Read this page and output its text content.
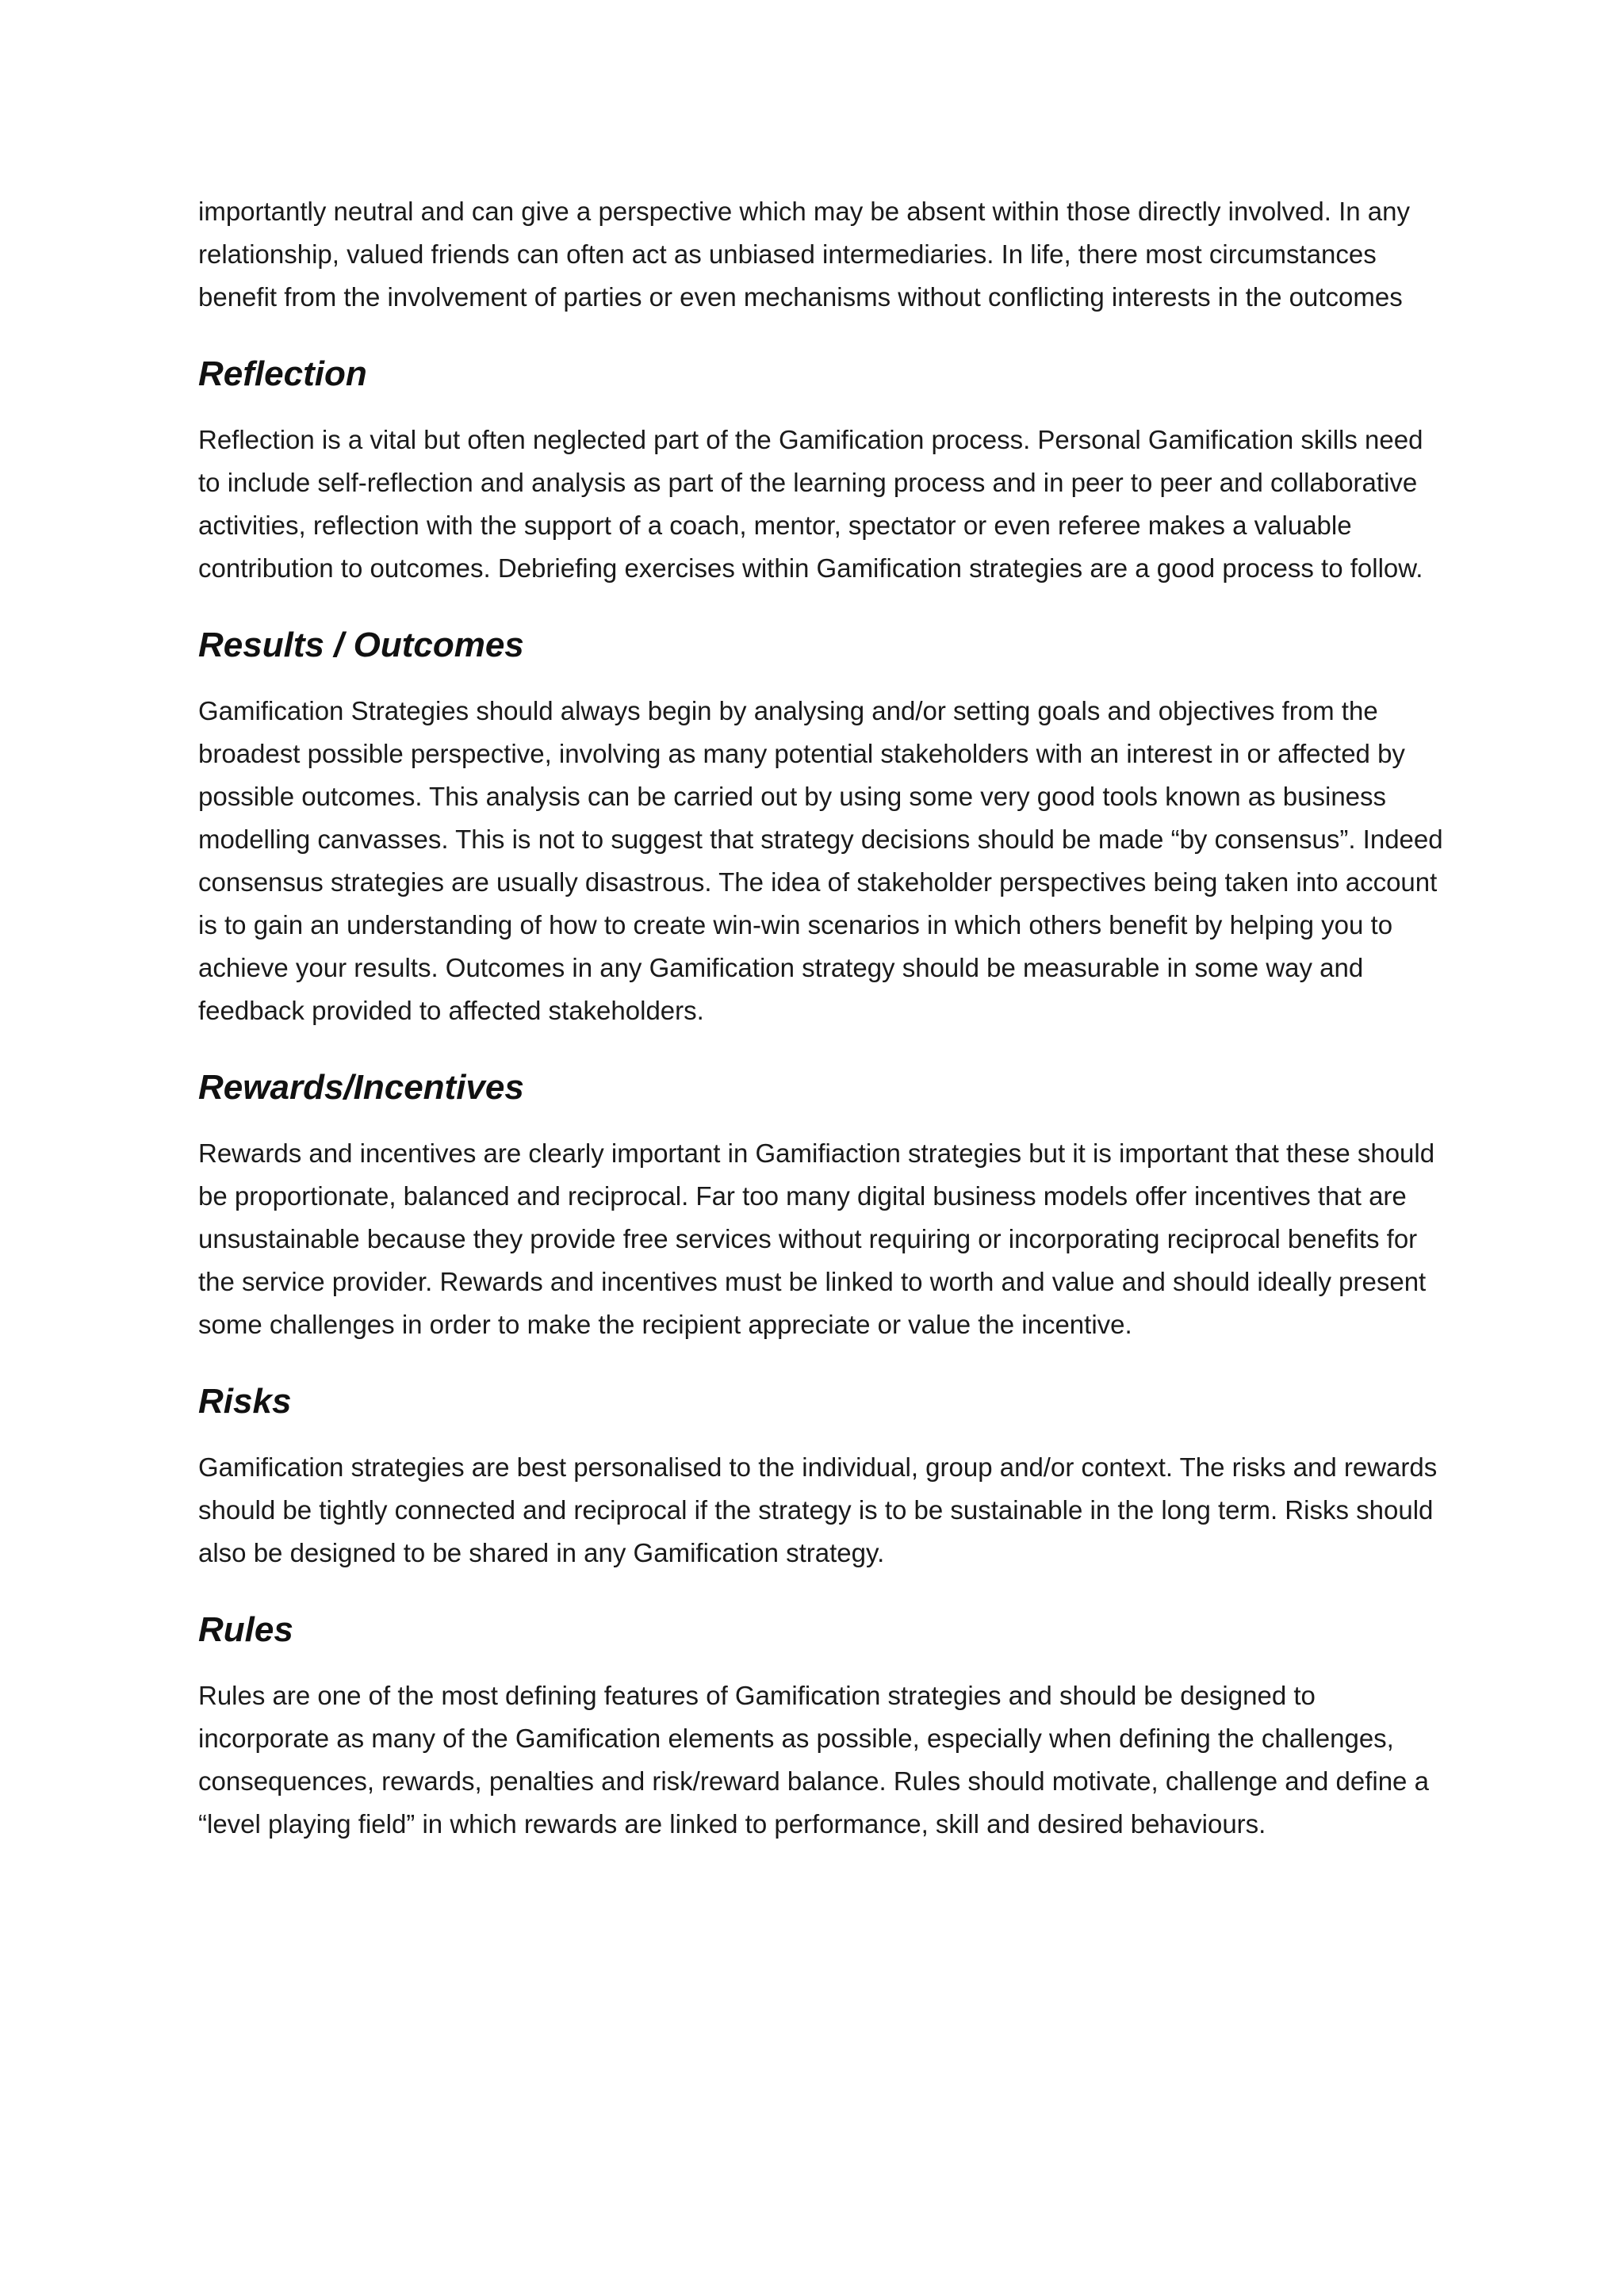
importantly neutral and can give a perspective which may be absent within those directly involved. In any relationship, valued friends can often act as unbiased intermediaries. In life, there most circumstances benefit from the involvement of parties or even mechanisms without conflicting interests in the outcomes

Reflection

Reflection is a vital but often neglected part of the Gamification process. Personal Gamification skills need to include self-reflection and analysis as part of the learning process and in peer to peer and collaborative activities, reflection with the support of a coach, mentor, spectator or even referee makes a valuable contribution to outcomes. Debriefing exercises within Gamification strategies are a good process to follow.

Results / Outcomes

Gamification Strategies should always begin by analysing and/or setting goals and objectives from the broadest possible perspective, involving as many potential stakeholders with an interest in or affected by possible outcomes. This analysis can be carried out by using some very good tools known as business modelling canvasses. This is not to suggest that strategy decisions should be made “by consensus”. Indeed consensus strategies are usually disastrous. The idea of stakeholder perspectives being taken into account is to gain an understanding of how to create win-win scenarios in which others benefit by helping you to achieve your results. Outcomes in any Gamification strategy should be measurable in some way and feedback provided to affected stakeholders.

Rewards/Incentives

Rewards and incentives are clearly important in Gamifiaction strategies but it is important that these should be proportionate, balanced and reciprocal. Far too many digital business models offer incentives that are unsustainable because they provide free services without requiring or incorporating reciprocal benefits for the service provider. Rewards and incentives must be linked to worth and value and should ideally present some challenges in order to make the recipient appreciate or value the incentive.

Risks

Gamification strategies are best personalised to the individual, group and/or context. The risks and rewards should be tightly connected and reciprocal if the strategy is to be sustainable in the long term. Risks should also be designed to be shared in any Gamification strategy.

Rules

Rules are one of the most defining features of Gamification strategies and should be designed to incorporate as many of the Gamification elements as possible, especially when defining the challenges, consequences, rewards, penalties and risk/reward balance. Rules should motivate, challenge and define a “level playing field” in which rewards are linked to performance, skill and desired behaviours.
